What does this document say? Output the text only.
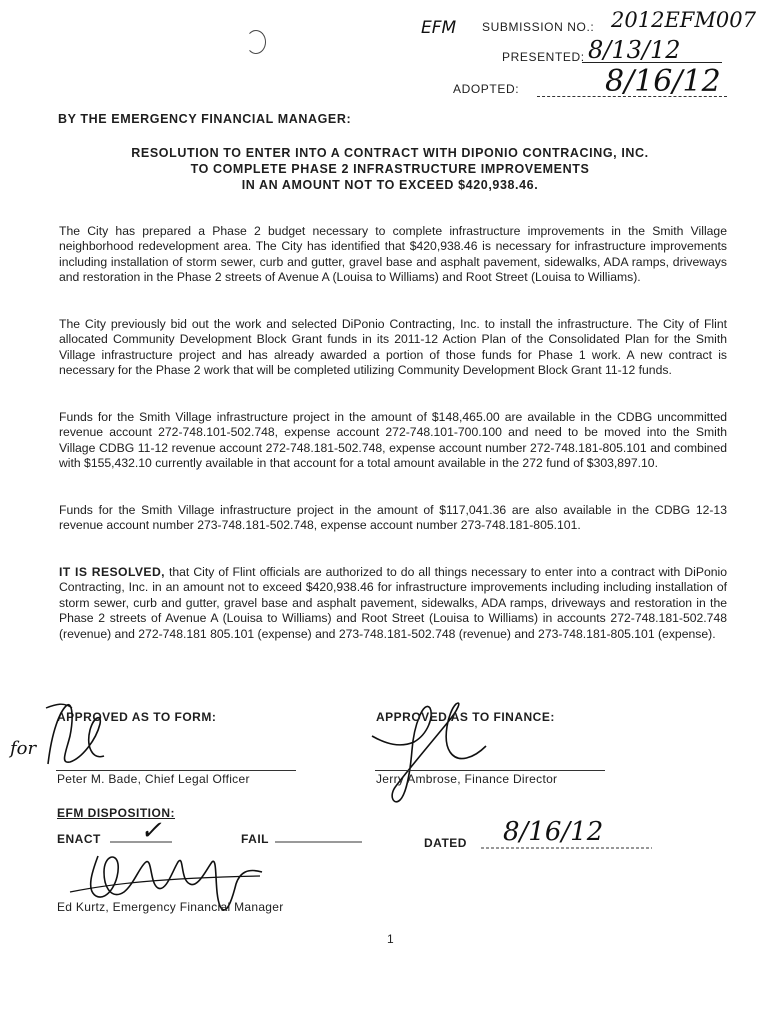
EFM SUBMISSION NO.: 2012EFM007
PRESENTED: 8/13/12
ADOPTED:	8/16/12
BY THE EMERGENCY FINANCIAL MANAGER:
RESOLUTION TO ENTER INTO A CONTRACT WITH DIPONIO CONTRACING, INC.
TO COMPLETE PHASE 2 INFRASTRUCTURE IMPROVEMENTS
IN AN AMOUNT NOT TO EXCEED $420,938.46.
The City has prepared a Phase 2 budget necessary to complete infrastructure improvements in the Smith Village neighborhood redevelopment area. The City has identified that $420,938.46 is necessary for infrastructure improvements including installation of storm sewer, curb and gutter, gravel base and asphalt pavement, sidewalks, ADA ramps, driveways and restoration in the Phase 2 streets of Avenue A (Louisa to Williams) and Root Street (Louisa to Williams).
The City previously bid out the work and selected DiPonio Contracting, Inc. to install the infrastructure. The City of Flint allocated Community Development Block Grant funds in its 2011-12 Action Plan of the Consolidated Plan for the Smith Village infrastructure project and has already awarded a portion of those funds for Phase 1 work. A new contract is necessary for the Phase 2 work that will be completed utilizing Community Development Block Grant 11-12 funds.
Funds for the Smith Village infrastructure project in the amount of $148,465.00 are available in the CDBG uncommitted revenue account 272-748.101-502.748, expense account 272-748.101-700.100 and need to be moved into the Smith Village CDBG 11-12 revenue account 272-748.181-502.748, expense account number 272-748.181-805.101 and combined with $155,432.10 currently available in that account for a total amount available in the 272 fund of $303,897.10.
Funds for the Smith Village infrastructure project in the amount of $117,041.36 are also available in the CDBG 12-13 revenue account number 273-748.181-502.748, expense account number 273-748.181-805.101.
IT IS RESOLVED, that City of Flint officials are authorized to do all things necessary to enter into a contract with DiPonio Contracting, Inc. in an amount not to exceed $420,938.46 for infrastructure improvements including including installation of storm sewer, curb and gutter, gravel base and asphalt pavement, sidewalks, ADA ramps, driveways and restoration in the Phase 2 streets of Avenue A (Louisa to Williams) and Root Street (Louisa to Williams) in accounts 272-748.181-502.748 (revenue) and 272-748.181 805.101 (expense) and 273-748.181-502.748 (revenue) and 273-748.181-805.101 (expense).
APPROVED AS TO FORM:
for
Peter M. Bade, Chief Legal Officer
APPROVED AS TO FINANCE:
Jerry Ambrose, Finance Director
EFM DISPOSITION:
ENACT ✓	FAIL	DATED 8/16/12
Ed Kurtz, Emergency Financial Manager
1
